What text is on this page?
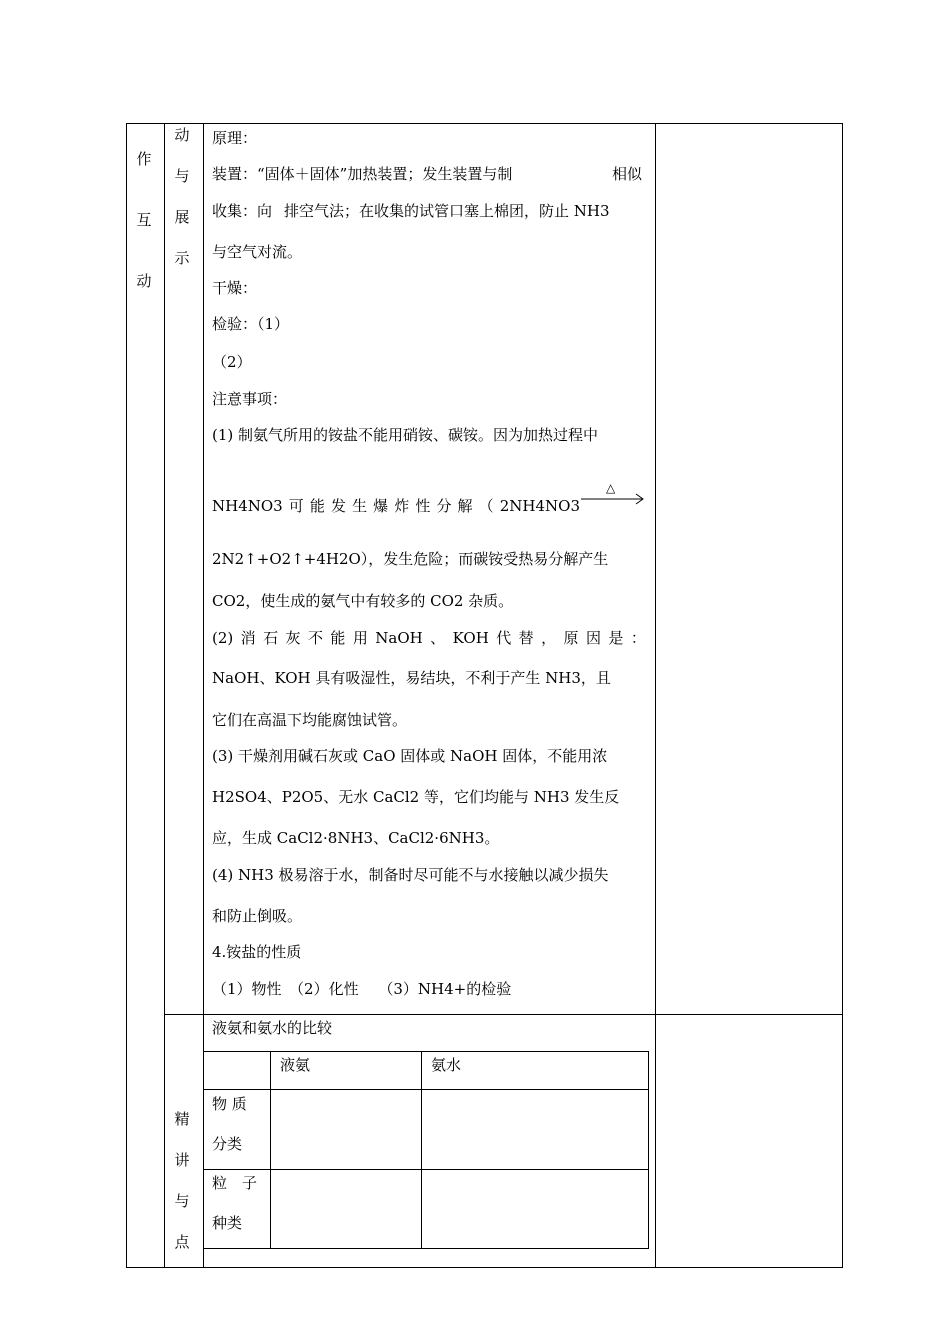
作
互
动
动
与
展
示
精
讲
与
点
原理：
装置：“固体＋固体”加热装置；发生装置与制	相似
收集：向 排空气法；在收集的试管口塞上棉团，防止 NH3
与空气对流。
干燥：
检验：（1）
（2）
注意事项：
(1) 制氨气所用的铵盐不能用硝铵、碳铵。因为加热过程中
NH4NO3 可 能 发 生 爆 炸 性 分 解 （ 2NH4NO3
△
2N2↑+O2↑+4H2O），发生危险；而碳铵受热易分解产生
CO2，使生成的氨气中有较多的 CO2 杂质。
(2) 消 石 灰 不 能 用 NaOH 、 KOH 代 替 ， 原 因 是 ：
NaOH、KOH 具有吸湿性，易结块，不利于产生 NH3，且
它们在高温下均能腐蚀试管。
(3) 干燥剂用碱石灰或 CaO 固体或 NaOH 固体，不能用浓
H2SO4、P2O5、无水 CaCl2 等，它们均能与 NH3 发生反
应，生成 CaCl2·8NH3、CaCl2·6NH3。
(4) NH3 极易溶于水，制备时尽可能不与水接触以减少损失
和防止倒吸。
4.铵盐的性质
（1）物性　（2）化性　 （3）NH4+的检验
液氨和氨水的比较
液氨	氨水
物 质
分类
粒　子
种类
